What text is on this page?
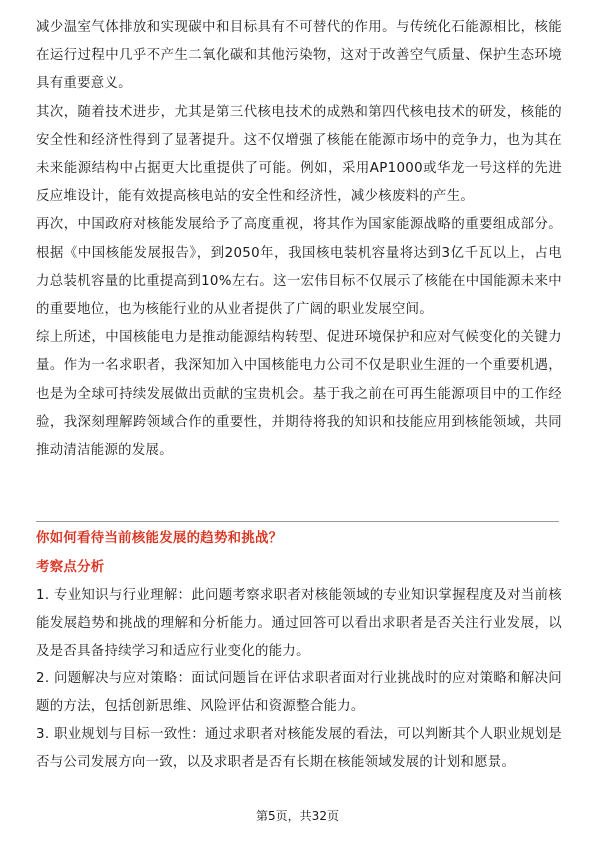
减少温室气体排放和实现碳中和目标具有不可替代的作用。与传统化石能源相比，核能在运行过程中几乎不产生二氧化碳和其他污染物，这对于改善空气质量、保护生态环境具有重要意义。

其次，随着技术进步，尤其是第三代核电技术的成熟和第四代核电技术的研发，核能的安全性和经济性得到了显著提升。这不仅增强了核能在能源市场中的竞争力，也为其在未来能源结构中占据更大比重提供了可能。例如，采用AP1000或华龙一号这样的先进反应堆设计，能有效提高核电站的安全性和经济性，减少核废料的产生。

再次，中国政府对核能发展给予了高度重视，将其作为国家能源战略的重要组成部分。根据《中国核能发展报告》，到2050年，我国核电装机容量将达到3亿千瓦以上，占电力总装机容量的比重提高到10%左右。这一宏伟目标不仅展示了核能在中国能源未来中的重要地位，也为核能行业的从业者提供了广阔的职业发展空间。

综上所述，中国核能电力是推动能源结构转型、促进环境保护和应对气候变化的关键力量。作为一名求职者，我深知加入中国核能电力公司不仅是职业生涯的一个重要机遇，也是为全球可持续发展做出贡献的宝贵机会。基于我之前在可再生能源项目中的工作经验，我深刻理解跨领域合作的重要性，并期待将我的知识和技能应用到核能领域，共同推动清洁能源的发展。

你如何看待当前核能发展的趋势和挑战？
考察点分析

1. 专业知识与行业理解：此问题考察求职者对核能领域的专业知识掌握程度及对当前核能发展趋势和挑战的理解和分析能力。通过回答可以看出求职者是否关注行业发展，以及是否具备持续学习和适应行业变化的能力。

2. 问题解决与应对策略：面试问题旨在评估求职者面对行业挑战时的应对策略和解决问题的方法，包括创新思维、风险评估和资源整合能力。

3. 职业规划与目标一致性：通过求职者对核能发展的看法，可以判断其个人职业规划是否与公司发展方向一致，以及求职者是否有长期在核能领域发展的计划和愿景。

第5页，共32页
